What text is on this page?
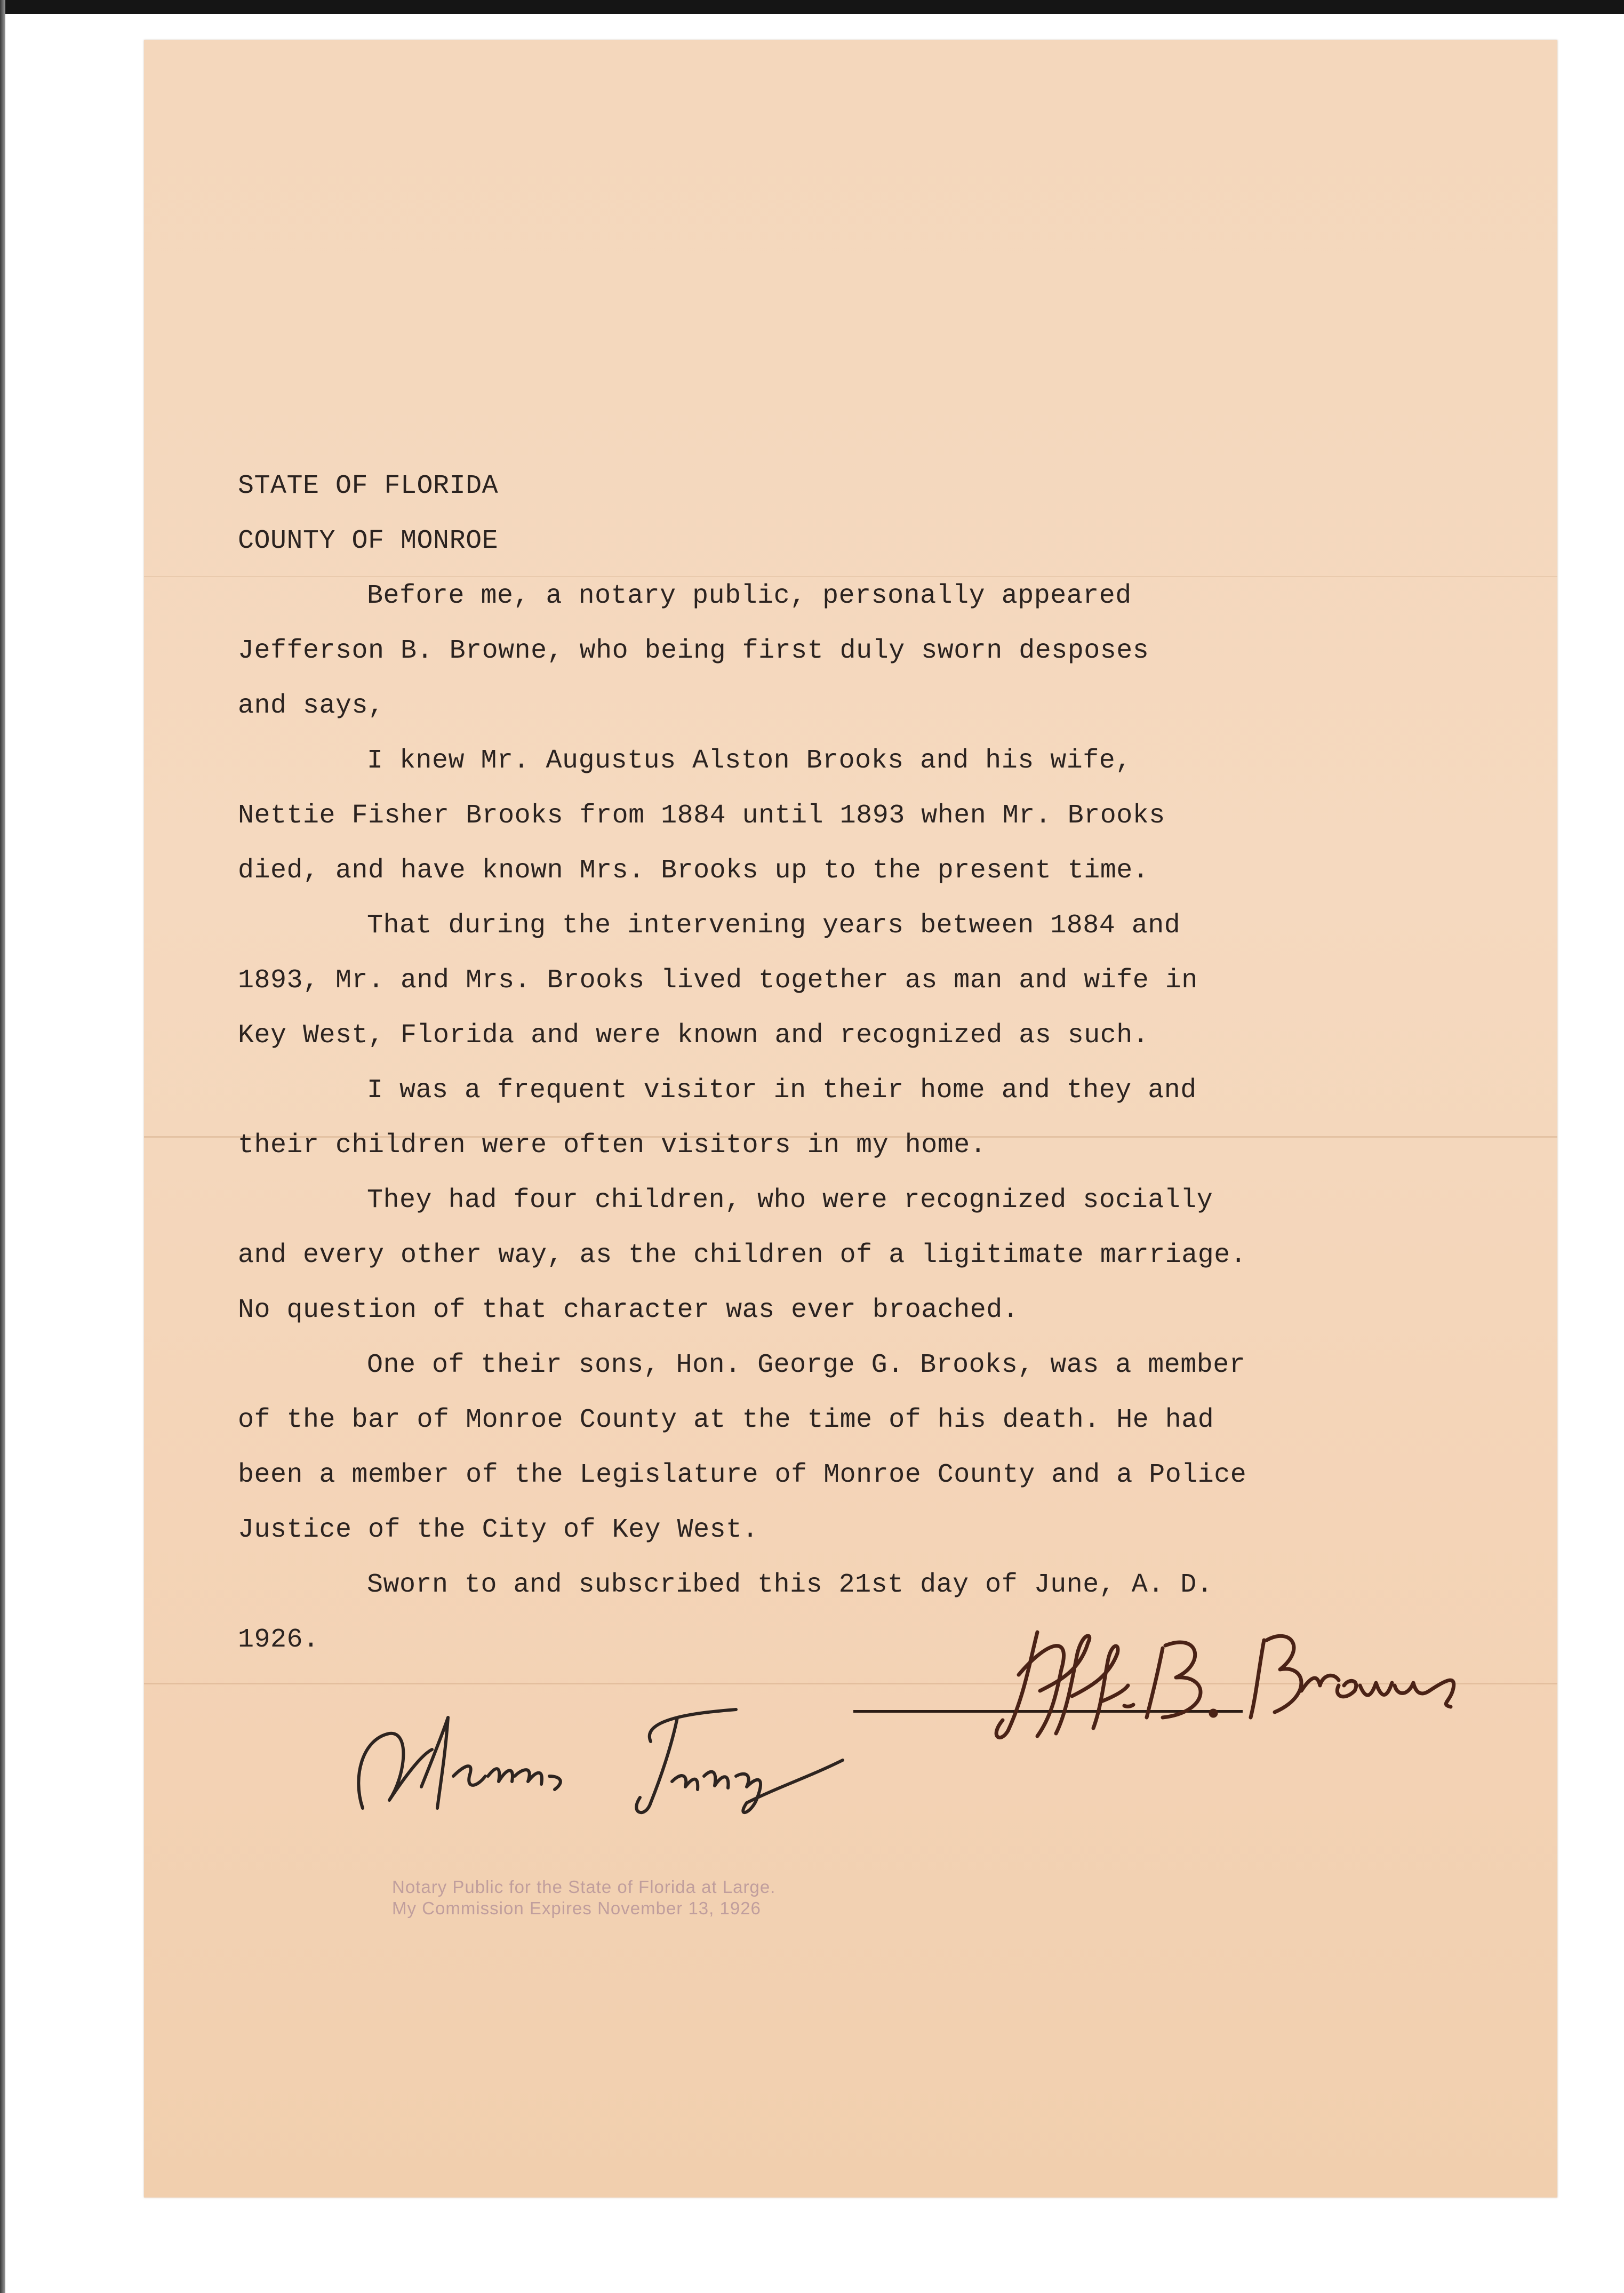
STATE OF FLORIDA
COUNTY OF MONROE
Before me, a notary public, personally appeared
Jefferson B. Browne, who being first duly sworn desposes
and says,
I knew Mr. Augustus Alston Brooks and his wife,
Nettie Fisher Brooks from 1884 until 1893 when Mr. Brooks
died, and have known Mrs. Brooks up to the present time.
That during the intervening years between 1884 and
1893, Mr. and Mrs. Brooks lived together as man and wife in
Key West, Florida and were known and recognized as such.
I was a frequent visitor in their home and they and
their children were often visitors in my home.
They had four children, who were recognized socially
and every other way, as the children of a ligitimate marriage.
No question of that character was ever broached.
One of their sons, Hon. George G. Brooks, was a member
of the bar of Monroe County at the time of his death. He had
been a member of the Legislature of Monroe County and a Police
Justice of the City of Key West.
Sworn to and subscribed this 21st day of June, A. D.
1926.
Notary Public for the State of Florida at Large.
My Commission Expires November 13, 1926
